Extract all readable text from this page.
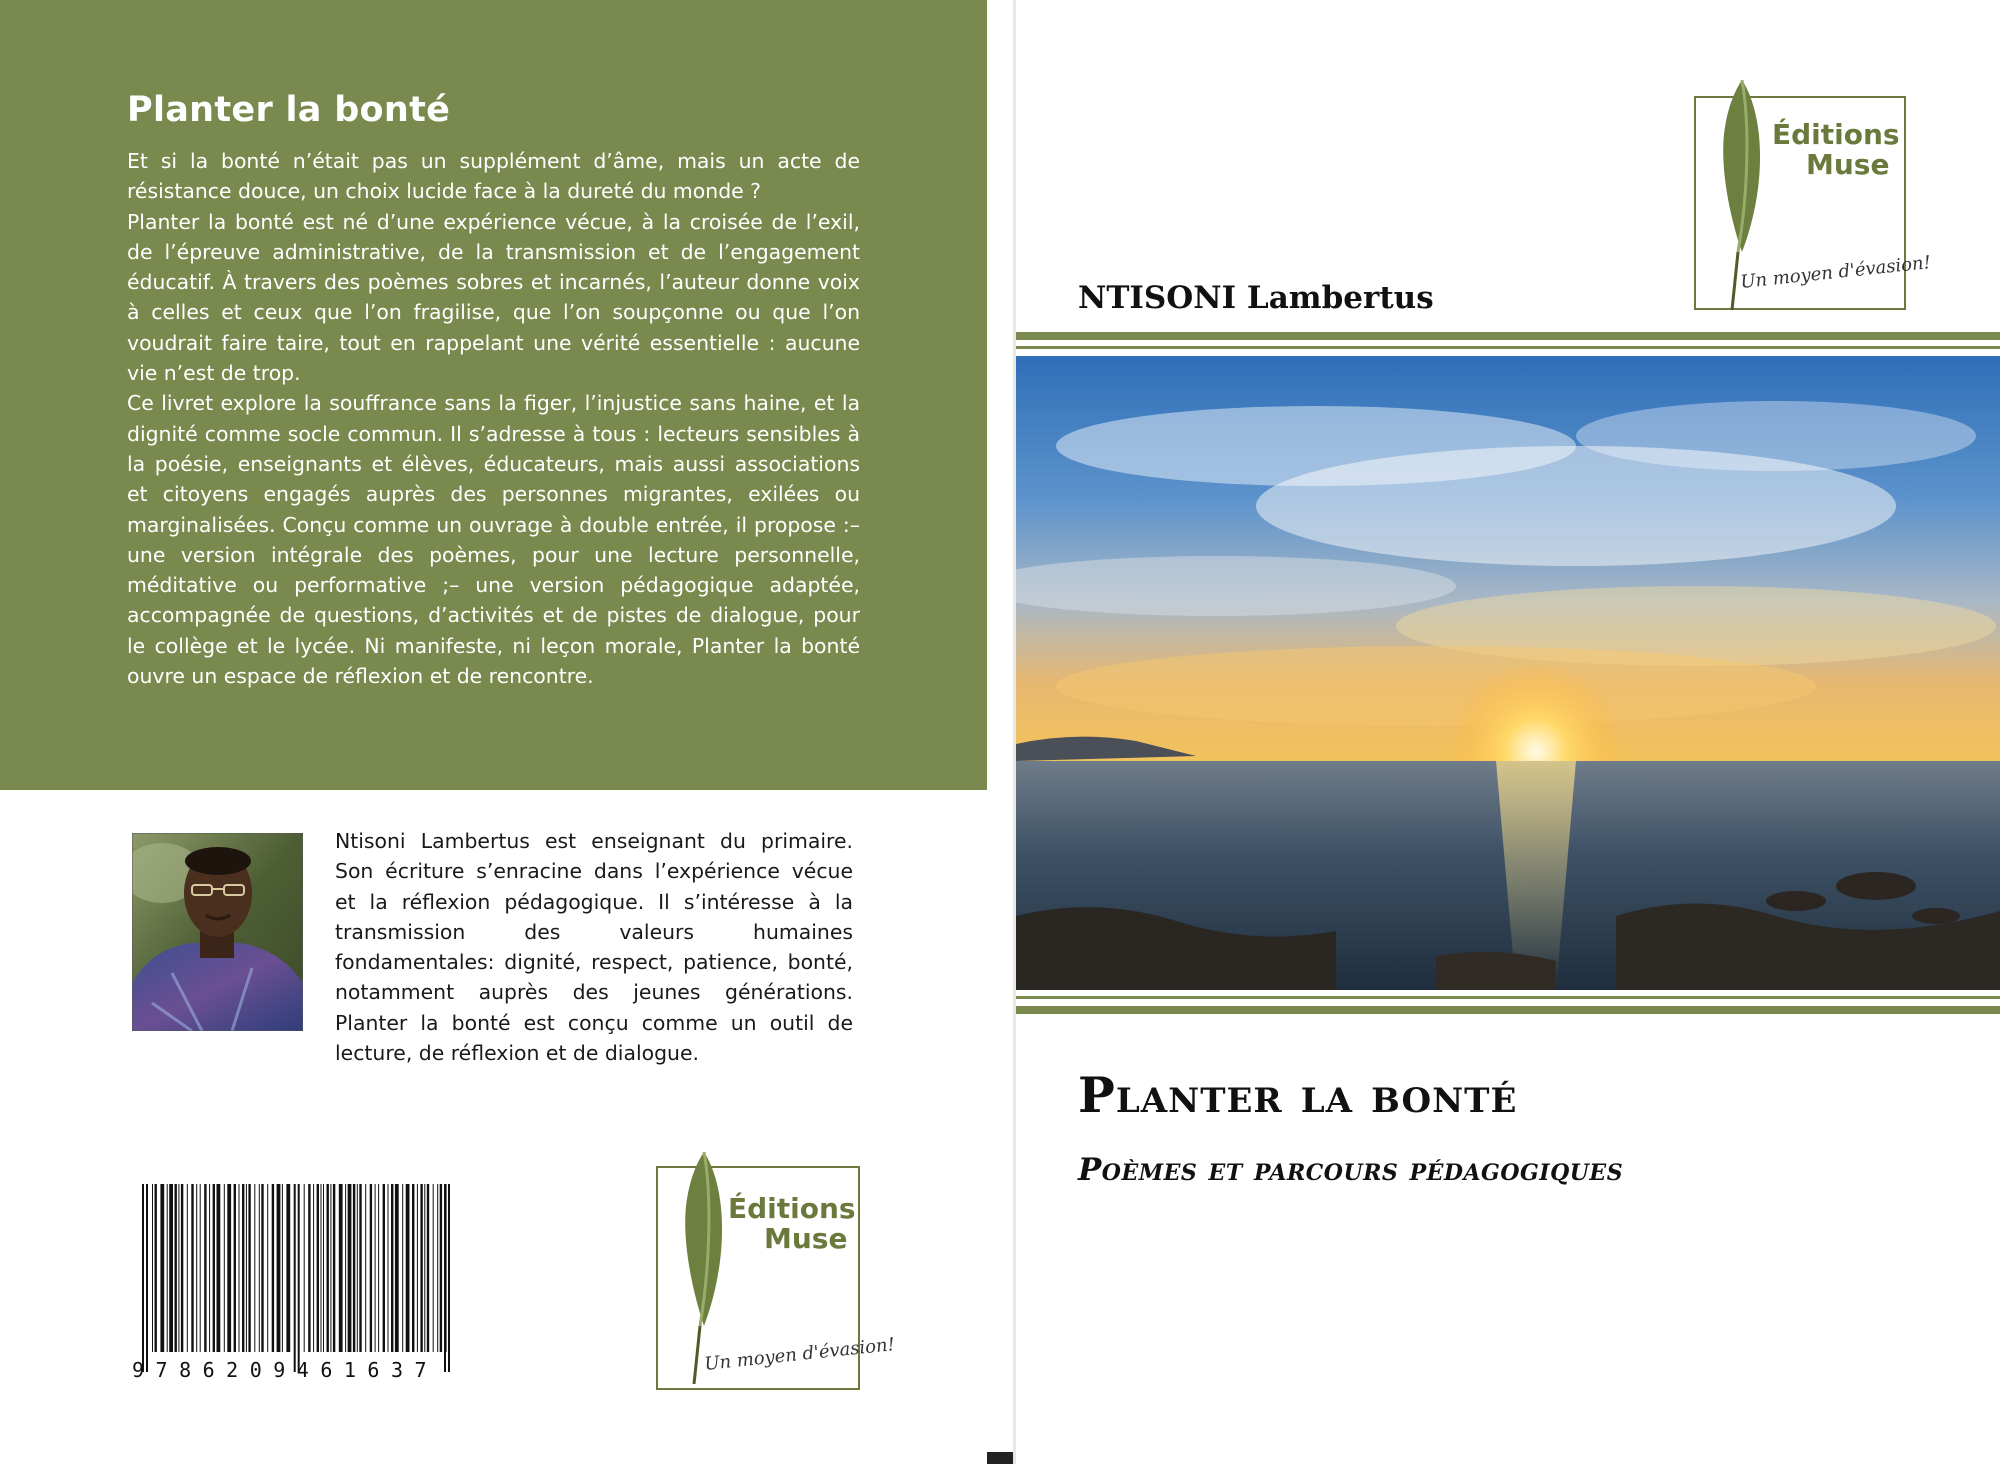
Planter la bonté

Et si la bonté n’était pas un supplément d’âme, mais un acte de résistance douce, un choix lucide face à la dureté du monde ?

Planter la bonté est né d’une expérience vécue, à la croisée de l’exil, de l’épreuve administrative, de la transmission et de l’engagement éducatif. À travers des poèmes sobres et incarnés, l’auteur donne voix à celles et ceux que l’on fragilise, que l’on soupçonne ou que l’on voudrait faire taire, tout en rappelant une vérité essentielle : aucune vie n’est de trop.

Ce livret explore la souffrance sans la figer, l’injustice sans haine, et la dignité comme socle commun. Il s’adresse à tous : lecteurs sensibles à la poésie, enseignants et élèves, éducateurs, mais aussi associations et citoyens engagés auprès des personnes migrantes, exilées ou marginalisées. Conçu comme un ouvrage à double entrée, il propose :– une version intégrale des poèmes, pour une lecture personnelle, méditative ou performative ;– une version pédagogique adaptée, accompagnée de questions, d’activités et de pistes de dialogue, pour le collège et le lycée. Ni manifeste, ni leçon morale, Planter la bonté ouvre un espace de réflexion et de rencontre.

Ntisoni Lambertus est enseignant du primaire. Son écriture s’enracine dans l’expérience vécue et la réflexion pédagogique. Il s’intéresse à la transmission des valeurs humaines fondamentales: dignité, respect, patience, bonté, notamment auprès des jeunes générations. Planter la bonté est conçu comme un outil de lecture, de réflexion et de dialogue.
9786209461637
Éditions
Muse
Un moyen d'évasion!
Éditions
Muse
Un moyen d'évasion!
NTISONI Lambertus
Planter la bonté
Poèmes et parcours pédagogiques
